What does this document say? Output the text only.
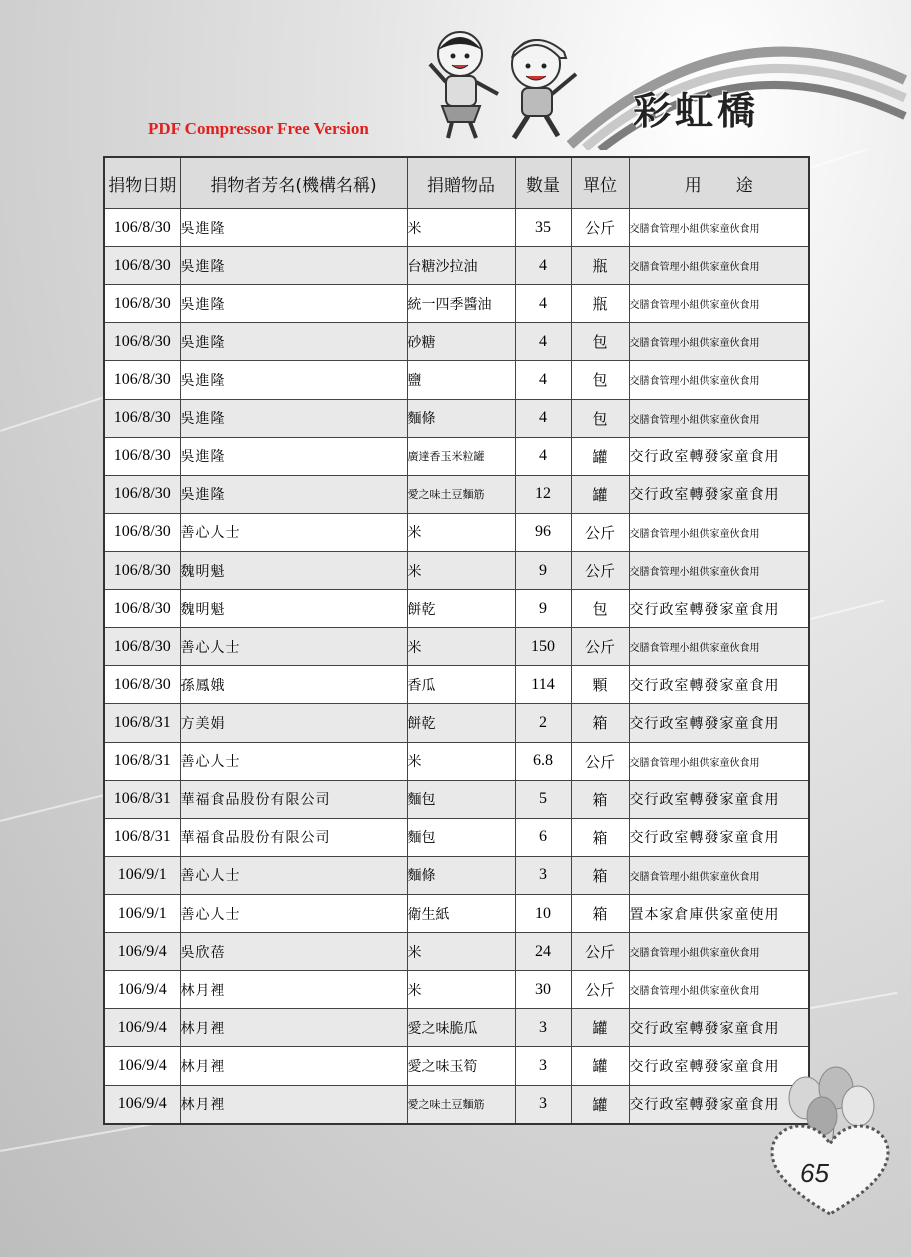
PDF Compressor Free Version	彩虹橋
捐物日期	捐物者芳名(機構名稱)	捐贈物品	數量	單位	用　　途
106/8/30	吳進隆	米	35	公斤	交膳食管理小組供家童伙食用
106/8/30	吳進隆	台糖沙拉油	4	瓶	交膳食管理小組供家童伙食用
106/8/30	吳進隆	統一四季醬油	4	瓶	交膳食管理小組供家童伙食用
106/8/30	吳進隆	砂糖	4	包	交膳食管理小組供家童伙食用
106/8/30	吳進隆	鹽	4	包	交膳食管理小組供家童伙食用
106/8/30	吳進隆	麵條	4	包	交膳食管理小組供家童伙食用
106/8/30	吳進隆	廣達香玉米粒罐	4	罐	交行政室轉發家童食用
106/8/30	吳進隆	愛之味土豆麵筋	12	罐	交行政室轉發家童食用
106/8/30	善心人士	米	96	公斤	交膳食管理小組供家童伙食用
106/8/30	魏明魁	米	9	公斤	交膳食管理小組供家童伙食用
106/8/30	魏明魁	餅乾	9	包	交行政室轉發家童食用
106/8/30	善心人士	米	150	公斤	交膳食管理小組供家童伙食用
106/8/30	孫鳳娥	香瓜	114	顆	交行政室轉發家童食用
106/8/31	方美娟	餅乾	2	箱	交行政室轉發家童食用
106/8/31	善心人士	米	6.8	公斤	交膳食管理小組供家童伙食用
106/8/31	華福食品股份有限公司	麵包	5	箱	交行政室轉發家童食用
106/8/31	華福食品股份有限公司	麵包	6	箱	交行政室轉發家童食用
106/9/1	善心人士	麵條	3	箱	交膳食管理小組供家童伙食用
106/9/1	善心人士	衛生紙	10	箱	置本家倉庫供家童使用
106/9/4	吳欣蓓	米	24	公斤	交膳食管理小組供家童伙食用
106/9/4	林月裡	米	30	公斤	交膳食管理小組供家童伙食用
106/9/4	林月裡	愛之味脆瓜	3	罐	交行政室轉發家童食用
106/9/4	林月裡	愛之味玉筍	3	罐	交行政室轉發家童食用
106/9/4	林月裡	愛之味土豆麵筋	3	罐	交行政室轉發家童食用
65
